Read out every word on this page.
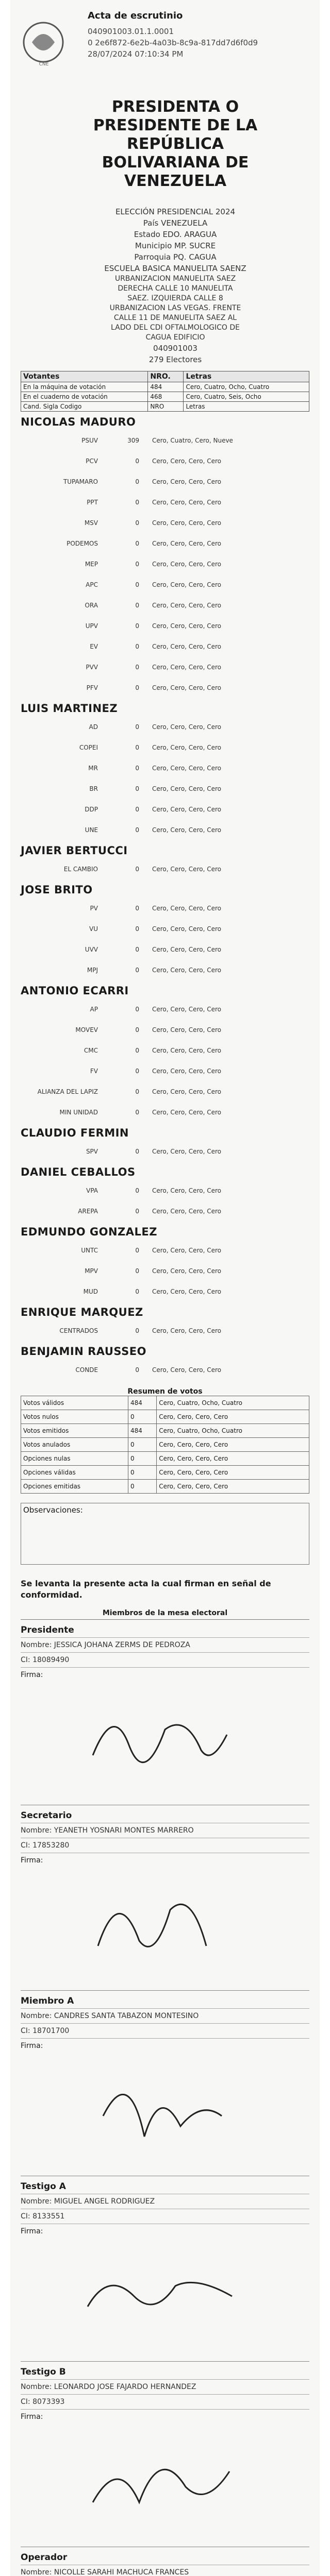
CNE
Acta de escrutinio
040901003.01.1.0001
0 2e6f872-6e2b-4a03b-8c9a-817dd7d6f0d9
28/07/2024 07:10:34 PM
PRESIDENTA O
PRESIDENTE DE LA
REPÚBLICA
BOLIVARIANA DE
VENEZUELA
ELECCIÓN PRESIDENCIAL 2024
País VENEZUELA
Estado EDO. ARAGUA
Municipio MP. SUCRE
Parroquia PQ. CAGUA
ESCUELA BASICA MANUELITA SAENZ
URBANIZACION MANUELITA SAEZ
DERECHA CALLE 10 MANUELITA
SAEZ. IZQUIERDA CALLE 8
URBANIZACION LAS VEGAS. FRENTE
CALLE 11 DE MANUELITA SAEZ AL
LADO DEL CDI OFTALMOLOGICO DE
CAGUA EDIFICIO
040901003
279 Electores
Votantes	NRO.	Letras
En la máquina de votación	484	Cero, Cuatro, Ocho, Cuatro
En el cuaderno de votación	468	Cero, Cuatro, Seis, Ocho
Cand. Sigla Codigo	NRO	Letras
NICOLAS MADURO
PSUV	309	Cero, Cuatro, Cero, Nueve
PCV	0	Cero, Cero, Cero, Cero
TUPAMARO	0	Cero, Cero, Cero, Cero
PPT	0	Cero, Cero, Cero, Cero
MSV	0	Cero, Cero, Cero, Cero
PODEMOS	0	Cero, Cero, Cero, Cero
MEP	0	Cero, Cero, Cero, Cero
APC	0	Cero, Cero, Cero, Cero
ORA	0	Cero, Cero, Cero, Cero
UPV	0	Cero, Cero, Cero, Cero
EV	0	Cero, Cero, Cero, Cero
PVV	0	Cero, Cero, Cero, Cero
PFV	0	Cero, Cero, Cero, Cero
LUIS MARTINEZ
AD	0	Cero, Cero, Cero, Cero
COPEI	0	Cero, Cero, Cero, Cero
MR	0	Cero, Cero, Cero, Cero
BR	0	Cero, Cero, Cero, Cero
DDP	0	Cero, Cero, Cero, Cero
UNE	0	Cero, Cero, Cero, Cero
JAVIER BERTUCCI
EL CAMBIO	0	Cero, Cero, Cero, Cero
JOSE BRITO
PV	0	Cero, Cero, Cero, Cero
VU	0	Cero, Cero, Cero, Cero
UVV	0	Cero, Cero, Cero, Cero
MPJ	0	Cero, Cero, Cero, Cero
ANTONIO ECARRI
AP	0	Cero, Cero, Cero, Cero
MOVEV	0	Cero, Cero, Cero, Cero
CMC	0	Cero, Cero, Cero, Cero
FV	0	Cero, Cero, Cero, Cero
ALIANZA DEL LAPIZ	0	Cero, Cero, Cero, Cero
MIN UNIDAD	0	Cero, Cero, Cero, Cero
CLAUDIO FERMIN
SPV	0	Cero, Cero, Cero, Cero
DANIEL CEBALLOS
VPA	0	Cero, Cero, Cero, Cero
AREPA	0	Cero, Cero, Cero, Cero
EDMUNDO GONZALEZ
UNTC	0	Cero, Cero, Cero, Cero
MPV	0	Cero, Cero, Cero, Cero
MUD	0	Cero, Cero, Cero, Cero
ENRIQUE MARQUEZ
CENTRADOS	0	Cero, Cero, Cero, Cero
BENJAMIN RAUSSEO
CONDE	0	Cero, Cero, Cero, Cero
Resumen de votos
Votos válidos	484	Cero, Cuatro, Ocho, Cuatro
Votos nulos	0	Cero, Cero, Cero, Cero
Votos emitidos	484	Cero, Cuatro, Ocho, Cuatro
Votos anulados	0	Cero, Cero, Cero, Cero
Opciones nulas	0	Cero, Cero, Cero, Cero
Opciones válidas	0	Cero, Cero, Cero, Cero
Opciones emitidas	0	Cero, Cero, Cero, Cero
Observaciones:
Se levanta la presente acta la cual firman en señal de conformidad.
Miembros de la mesa electoral
Presidente
Nombre: JESSICA JOHANA ZERMS DE PEDROZA
CI: 18089490
Firma:
Secretario
Nombre: YEANETH YOSNARI MONTES MARRERO
CI: 17853280
Firma:
Miembro A
Nombre: CANDRES SANTA TABAZON MONTESINO
CI: 18701700
Firma:
Testigo A
Nombre: MIGUEL ANGEL RODRIGUEZ
CI: 8133551
Firma:
Testigo B
Nombre: LEONARDO JOSE FAJARDO HERNANDEZ
CI: 8073393
Firma:
Operador
Nombre: NICOLLE SARAHI MACHUCA FRANCES
